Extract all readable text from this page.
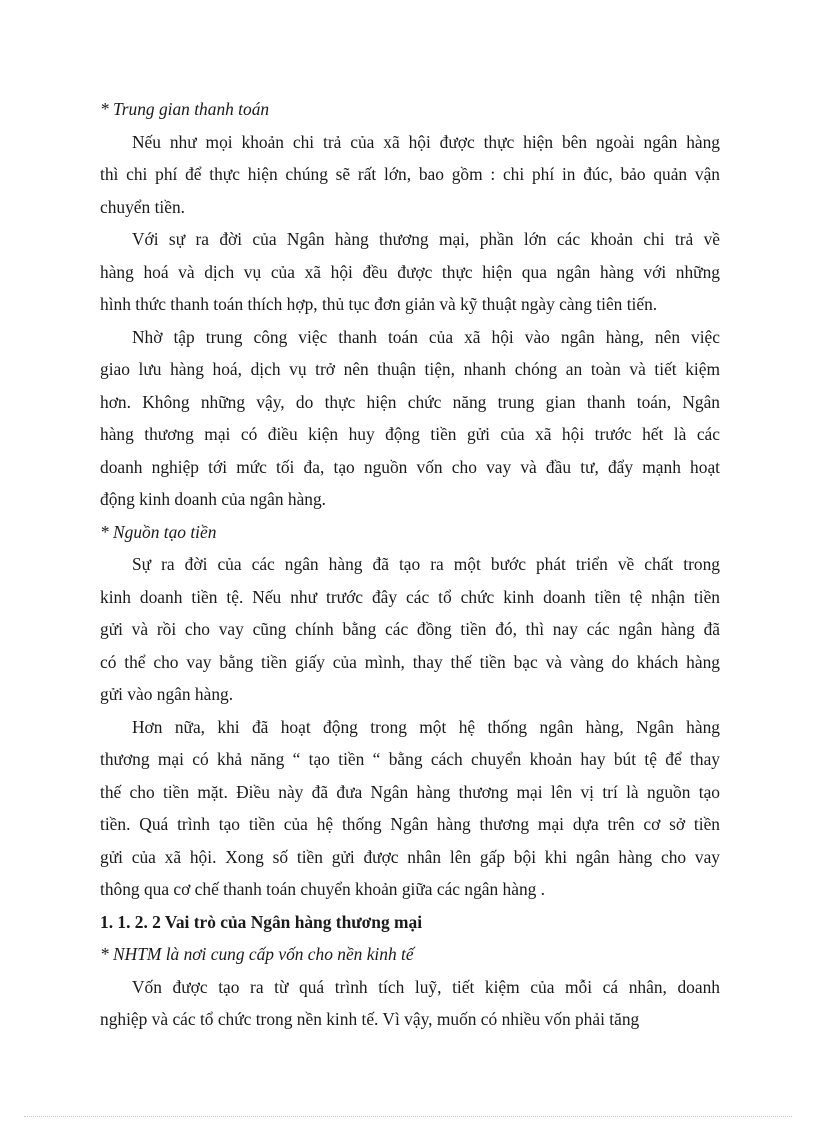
* Trung gian thanh toán
Nếu như mọi khoản chi trả của xã hội được thực hiện bên ngoài ngân hàng
thì chi phí để thực hiện chúng sẽ rất lớn, bao gồm : chi phí in đúc, bảo quản vận
chuyển tiền.
Với sự ra đời của Ngân hàng thương mại, phần lớn các khoản chi trả về
hàng hoá và dịch vụ của xã hội đều được thực hiện qua ngân hàng với những
hình thức thanh toán thích hợp, thủ tục đơn giản và kỹ thuật ngày càng tiên tiến.
Nhờ tập trung công việc thanh toán của xã hội vào ngân hàng, nên việc
giao lưu hàng hoá, dịch vụ trở nên thuận tiện, nhanh chóng an toàn và tiết kiệm
hơn. Không những vậy, do thực hiện chức năng trung gian thanh toán, Ngân
hàng thương mại có điều kiện huy động tiền gửi của xã hội trước hết là các
doanh nghiệp tới mức tối đa, tạo nguồn vốn cho vay và đầu tư, đẩy mạnh hoạt
động kinh doanh của ngân hàng.
* Nguồn tạo tiền
Sự ra đời của các ngân hàng đã tạo ra một bước phát triển về chất trong
kinh doanh tiền tệ. Nếu như trước đây các tổ chức kinh doanh tiền tệ nhận tiền
gửi và rồi cho vay cũng chính bằng các đồng tiền đó, thì nay các ngân hàng đã
có thể cho vay bằng tiền giấy của mình, thay thế tiền bạc và vàng do khách hàng
gửi vào ngân hàng.
Hơn nữa, khi đã hoạt động trong một hệ thống ngân hàng, Ngân hàng
thương mại có khả năng “ tạo tiền “ bằng cách chuyển khoản hay bút tệ để thay
thế cho tiền mặt. Điều này đã đưa Ngân hàng thương mại lên vị trí là nguồn tạo
tiền. Quá trình tạo tiền của hệ thống Ngân hàng thương mại dựa trên cơ sở tiền
gửi của xã hội. Xong số tiền gửi được nhân lên gấp bội khi ngân hàng cho vay
thông qua cơ chế thanh toán chuyển khoản giữa các ngân hàng .
1. 1. 2. 2 Vai trò của Ngân hàng thương mại
* NHTM là nơi cung cấp vốn cho nền kinh tế
Vốn được tạo ra từ quá trình tích luỹ, tiết kiệm của mỗi cá nhân, doanh
nghiệp và các tổ chức trong nền kinh tế. Vì vậy, muốn có nhiều vốn phải tăng
